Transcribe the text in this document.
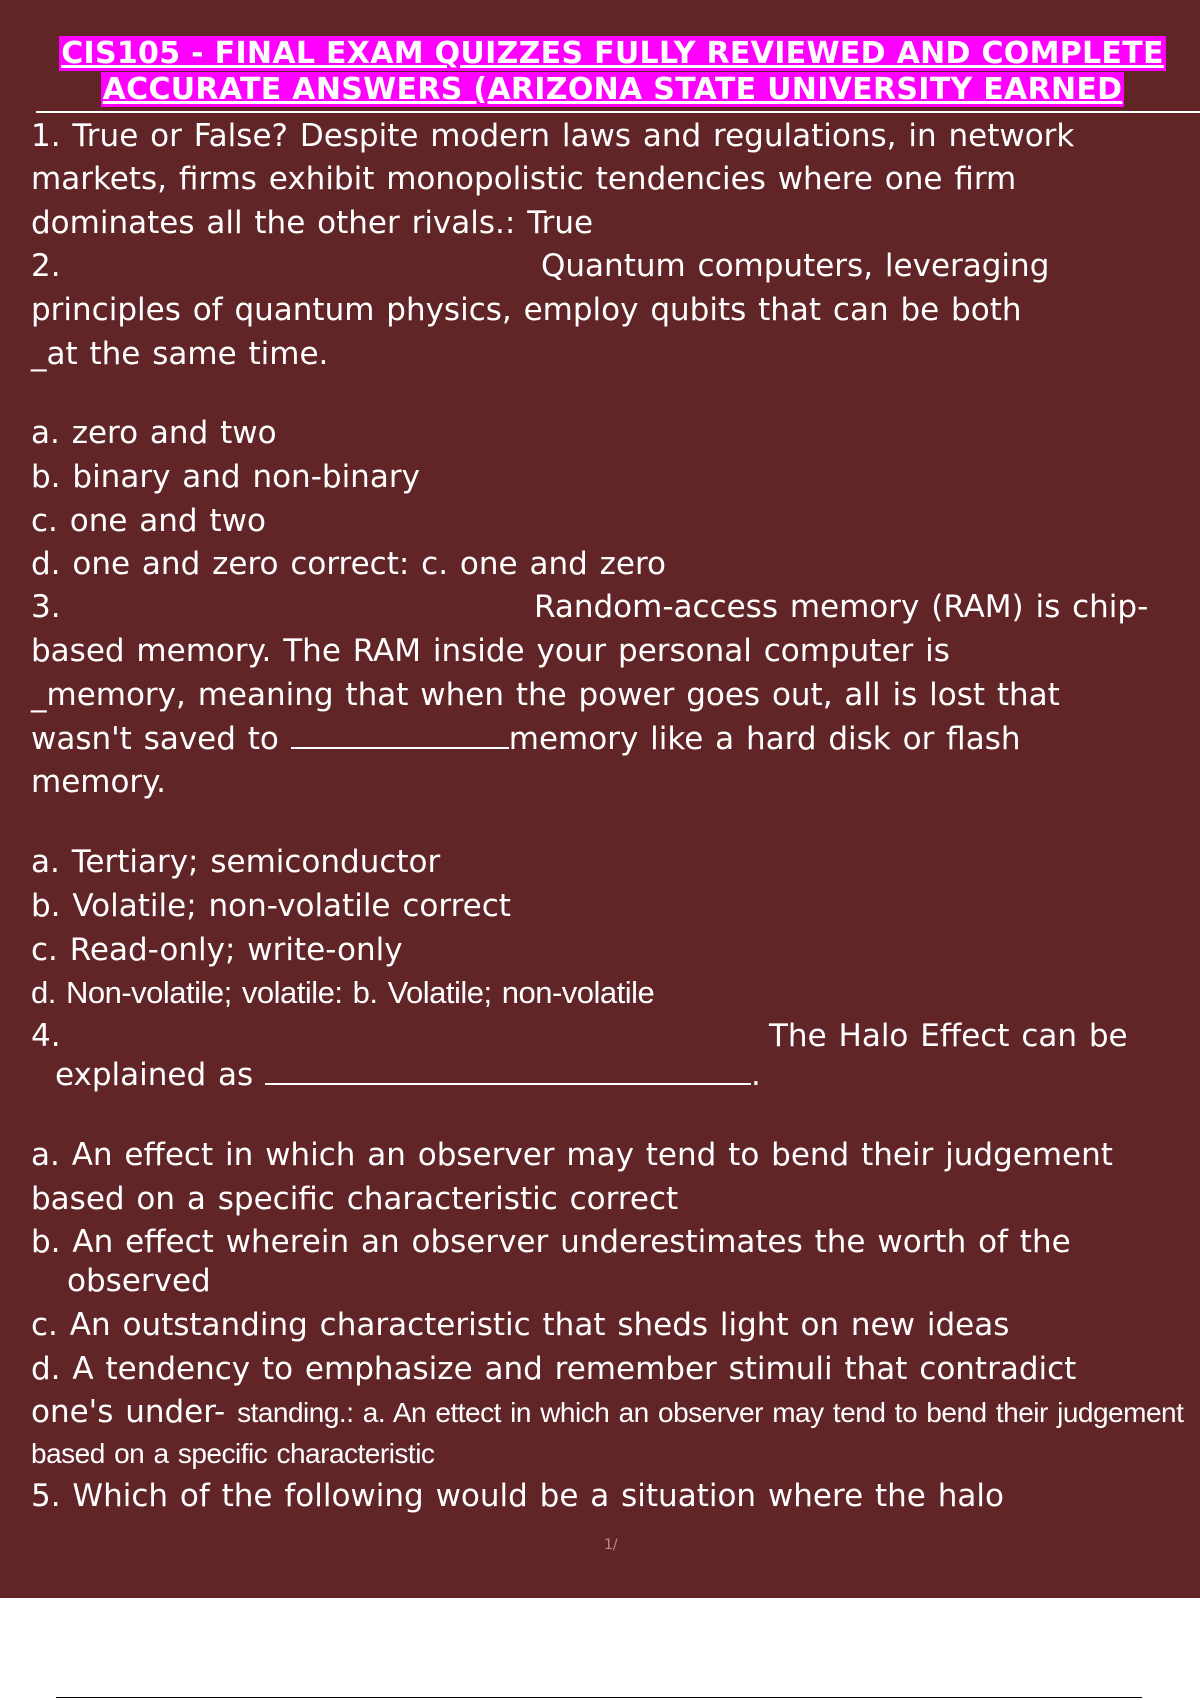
CIS105 - FINAL EXAM QUIZZES FULLY REVIEWED AND COMPLETE
ACCURATE ANSWERS (ARIZONA STATE UNIVERSITY EARNED
1. True or False? Despite modern laws and regulations, in network
markets, firms exhibit monopolistic tendencies where one firm
dominates all the other rivals.: True
2.	Quantum computers, leveraging
principles of quantum physics, employ qubits that can be both
_at the same time.
a. zero and two
b. binary and non-binary
c. one and two
d. one and zero correct: c. one and zero
3.	Random-access memory (RAM) is chip-
based memory. The RAM inside your personal computer is
_memory, meaning that when the power goes out, all is lost that
wasn't saved to	memory like a hard disk or flash
memory.
a. Tertiary; semiconductor
b. Volatile; non-volatile correct
c. Read-only; write-only
d. Non-volatile; volatile: b. Volatile; non-volatile
4.	The Halo Effect can be
explained as	.
a. An effect in which an observer may tend to bend their judgement
based on a specific characteristic correct
b. An effect wherein an observer underestimates the worth of the
observed
c. An outstanding characteristic that sheds light on new ideas
d. A tendency to emphasize and remember stimuli that contradict
one's under- standing.: a. An ettect in which an observer may tend to bend their judgement
based on a specific characteristic
5. Which of the following would be a situation where the halo
1/
